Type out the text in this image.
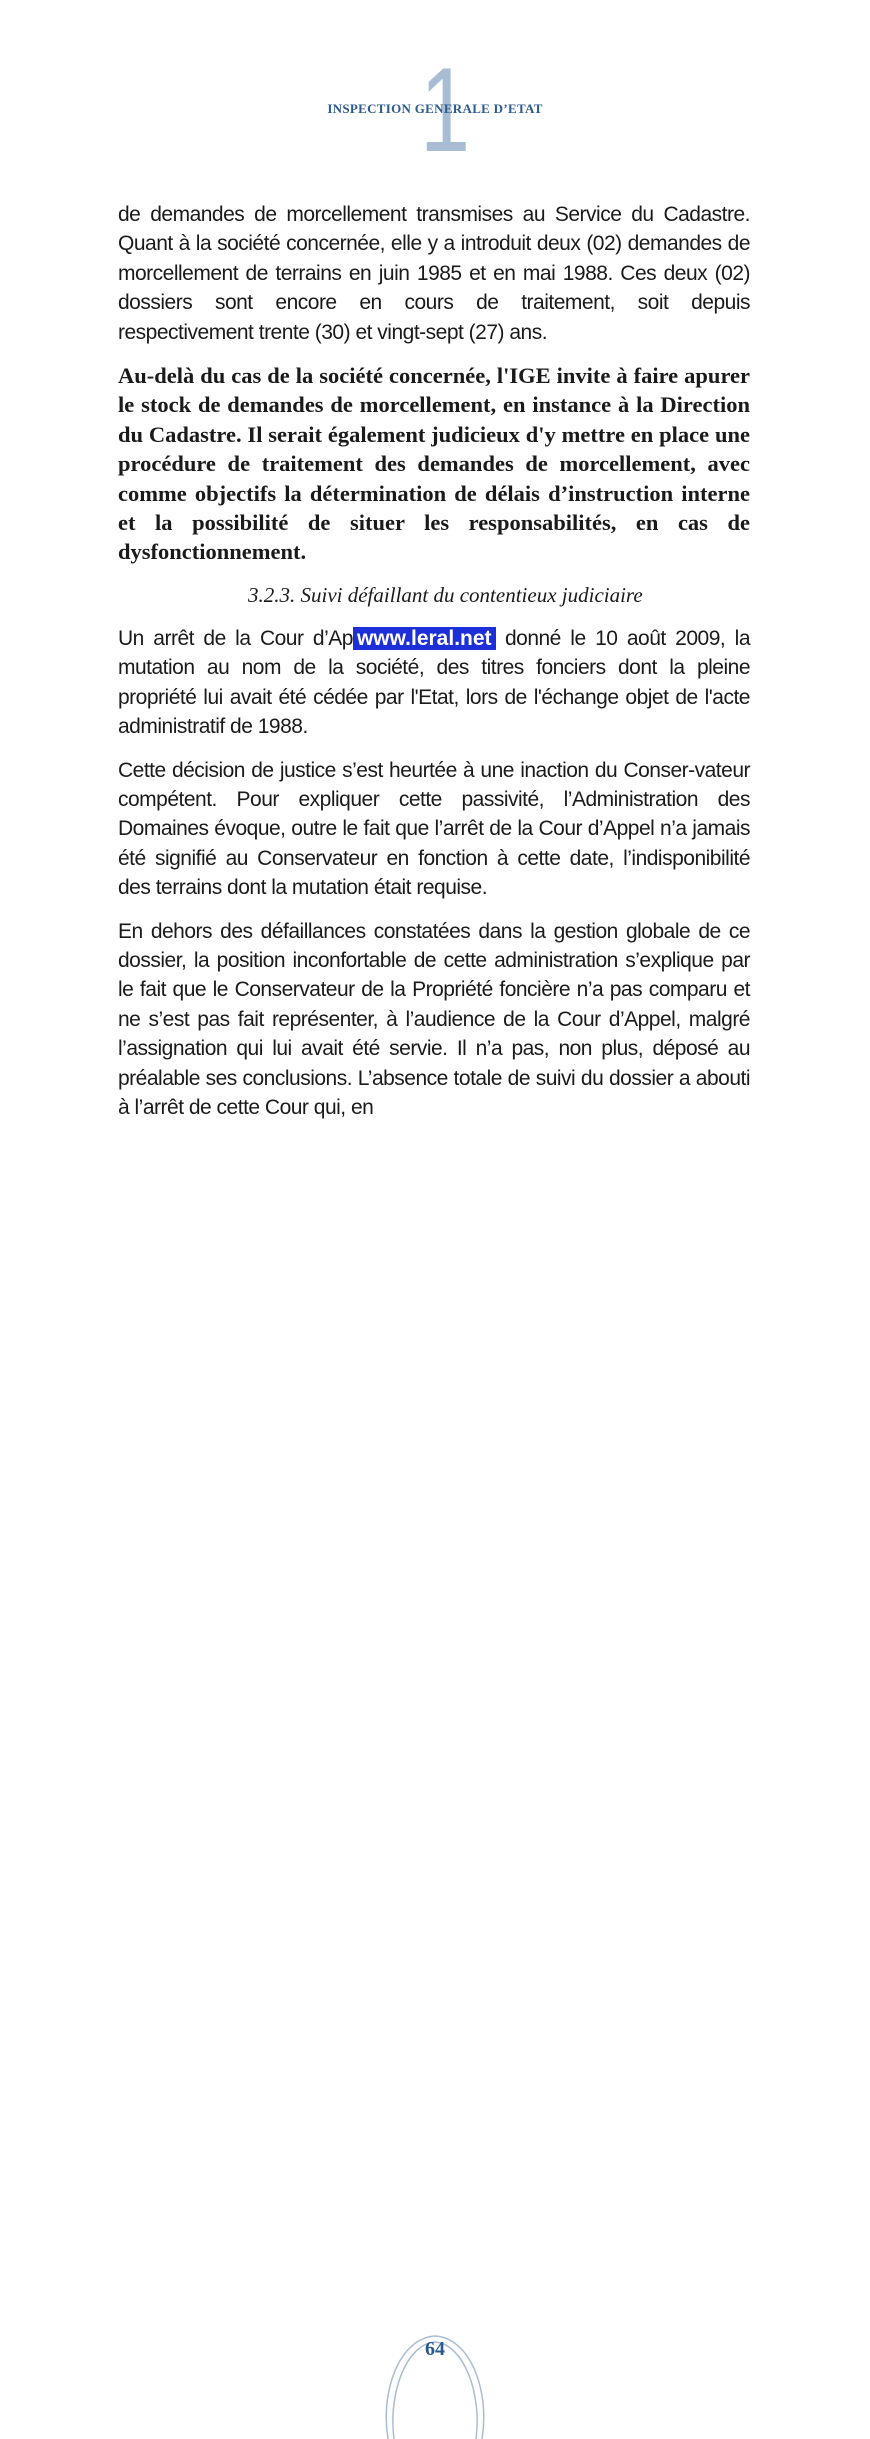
1
INSPECTION GENERALE D’ETAT

de demandes de morcellement transmises au Service du Cadastre. Quant à la société concernée, elle y a introduit deux (02) demandes de morcellement de terrains en juin 1985 et en mai 1988. Ces deux (02) dossiers sont encore en cours de traitement, soit depuis respectivement trente (30) et vingt-sept (27) ans.

Au-delà du cas de la société concernée, l'IGE invite à faire apurer le stock de demandes de morcellement, en instance à la Direction du Cadastre. Il serait également judicieux d'y mettre en place une procédure de traitement des demandes de morcellement, avec comme objectifs la détermination de délais d’instruction interne et la possibilité de situer les responsabilités, en cas de dysfonctionnement.

3.2.3. Suivi défaillant du contentieux judiciaire

Un arrêt de la Cour d’Ap www.leral.net donné le 10 août 2009, la mutation au nom de la société, des titres fonciers dont la pleine propriété lui avait été cédée par l'Etat, lors de l'échange objet de l'acte administratif de 1988.

Cette décision de justice s’est heurtée à une inaction du Conser-vateur compétent. Pour expliquer cette passivité, l’Administration des Domaines évoque, outre le fait que l’arrêt de la Cour d’Appel n’a jamais été signifié au Conservateur en fonction à cette date, l’indisponibilité des terrains dont la mutation était requise.

En dehors des défaillances constatées dans la gestion globale de ce dossier, la position inconfortable de cette administration s’explique par le fait que le Conservateur de la Propriété foncière n’a pas comparu et ne s’est pas fait représenter, à l’audience de la Cour d’Appel, malgré l’assignation qui lui avait été servie. Il n’a pas, non plus, déposé au préalable ses conclusions. L’absence totale de suivi du dossier a abouti à l’arrêt de cette Cour qui, en

64
